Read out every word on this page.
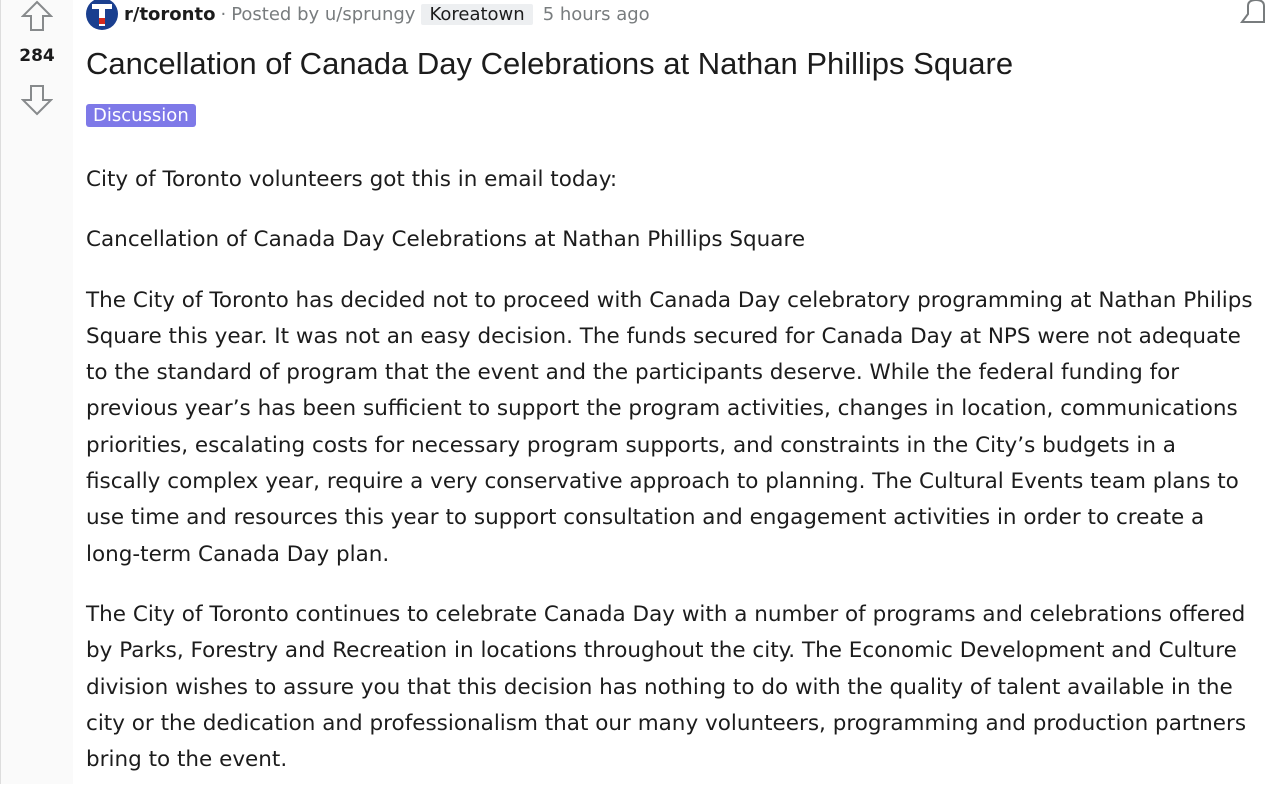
284
r/toronto · Posted by u/sprungy Koreatown	5 hours ago
Cancellation of Canada Day Celebrations at Nathan Phillips Square
Discussion

City of Toronto volunteers got this in email today:

Cancellation of Canada Day Celebrations at Nathan Phillips Square

The City of Toronto has decided not to proceed with Canada Day celebratory programming at Nathan Philips Square this year. It was not an easy decision. The funds secured for Canada Day at NPS were not adequate to the standard of program that the event and the participants deserve. While the federal funding for previous year’s has been sufficient to support the program activities, changes in location, communications priorities, escalating costs for necessary program supports, and constraints in the City’s budgets in a fiscally complex year, require a very conservative approach to planning. The Cultural Events team plans to use time and resources this year to support consultation and engagement activities in order to create a long-term Canada Day plan.

The City of Toronto continues to celebrate Canada Day with a number of programs and celebrations offered by Parks, Forestry and Recreation in locations throughout the city. The Economic Development and Culture division wishes to assure you that this decision has nothing to do with the quality of talent available in the city or the dedication and professionalism that our many volunteers, programming and production partners bring to the event.
